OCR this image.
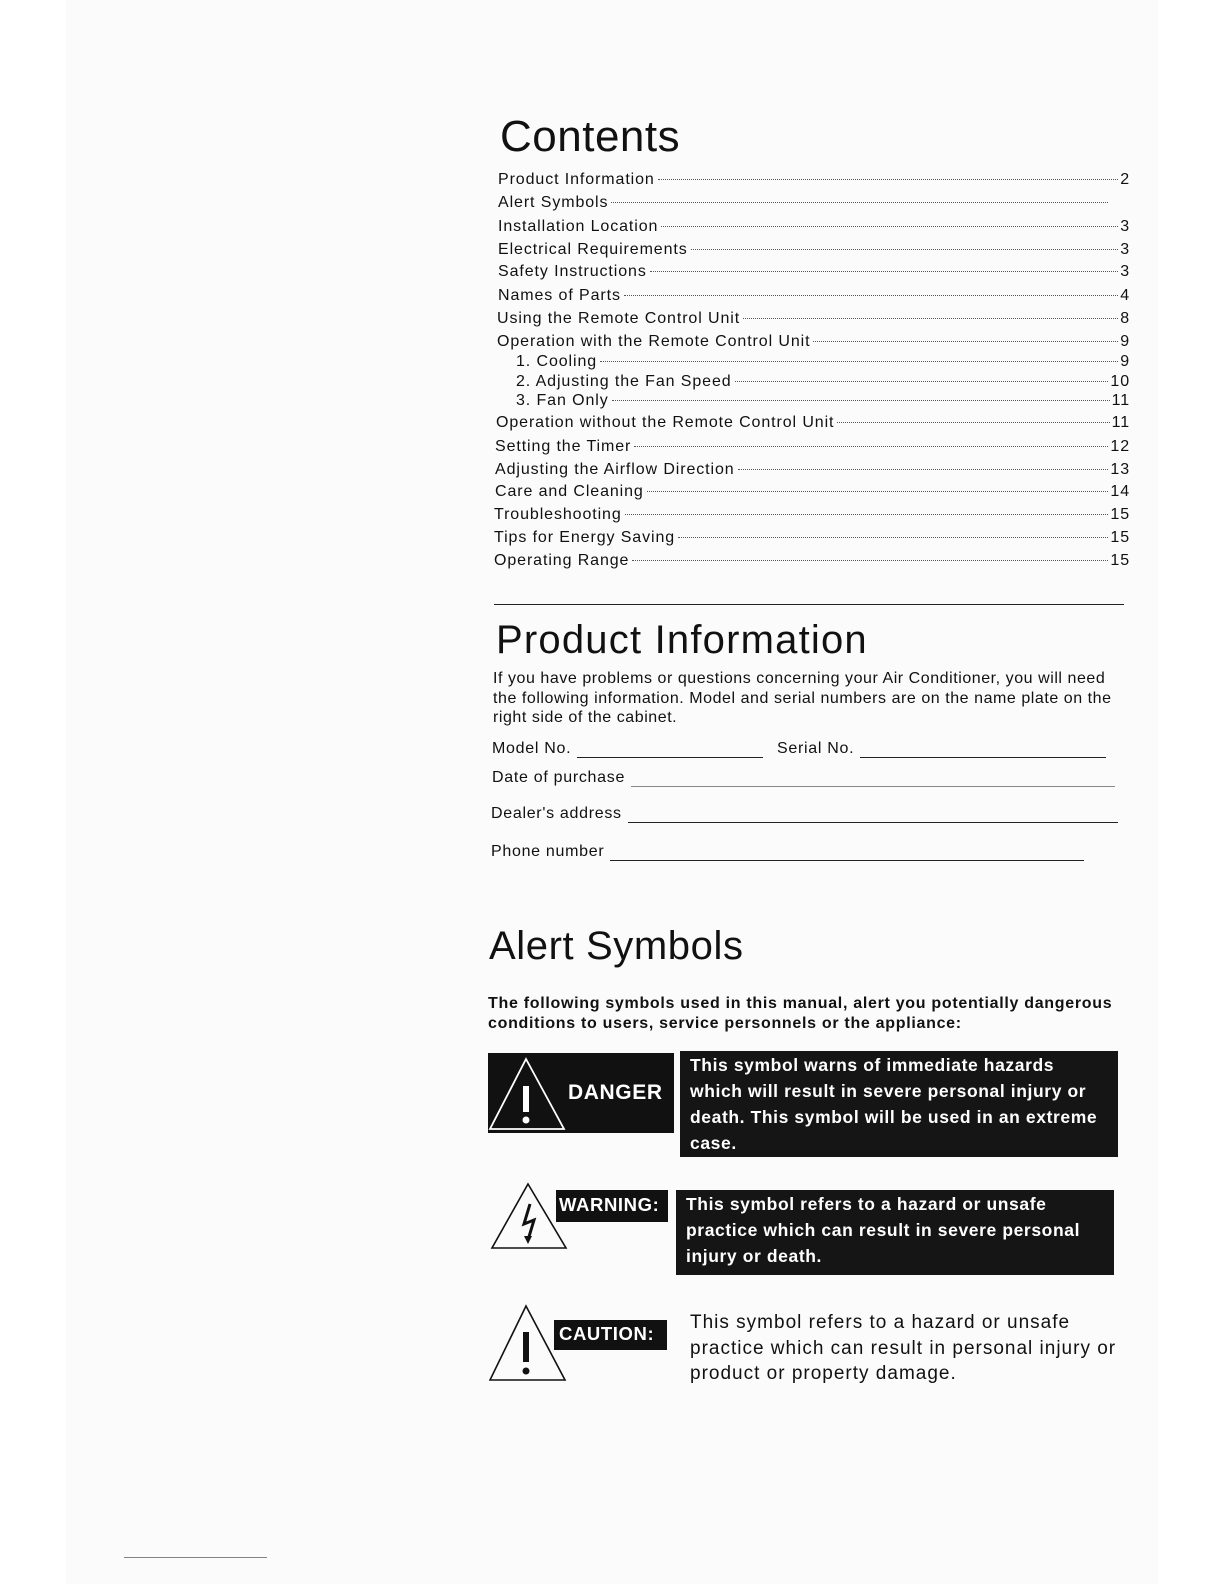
Contents
Product Information	2
Alert Symbols
Installation Location	3
Electrical Requirements	3
Safety Instructions	3
Names of Parts	4
Using the Remote Control Unit	8
Operation with the Remote Control Unit	9
1. Cooling	9
2. Adjusting the Fan Speed	10
3. Fan Only	11
Operation without the Remote Control Unit	11
Setting the Timer	12
Adjusting the Airflow Direction	13
Care and Cleaning	14
Troubleshooting	15
Tips for Energy Saving	15
Operating Range	15
Product Information
If you have problems or questions concerning your Air Conditioner, you will need the following information. Model and serial numbers are on the name plate on the right side of the cabinet.
Model No.	Serial No.
Date of purchase
Dealer's address
Phone number
Alert Symbols
The following symbols used in this manual, alert you potentially dangerous conditions to users, service personnels or the appliance:
DANGER
This symbol warns of immediate hazards which will result in severe personal injury or death. This symbol will be used in an extreme case.
WARNING:	This symbol refers to a hazard or unsafe practice which can result in severe personal injury or death.
CAUTION:
This symbol refers to a hazard or unsafe practice which can result in personal injury or product or property damage.
